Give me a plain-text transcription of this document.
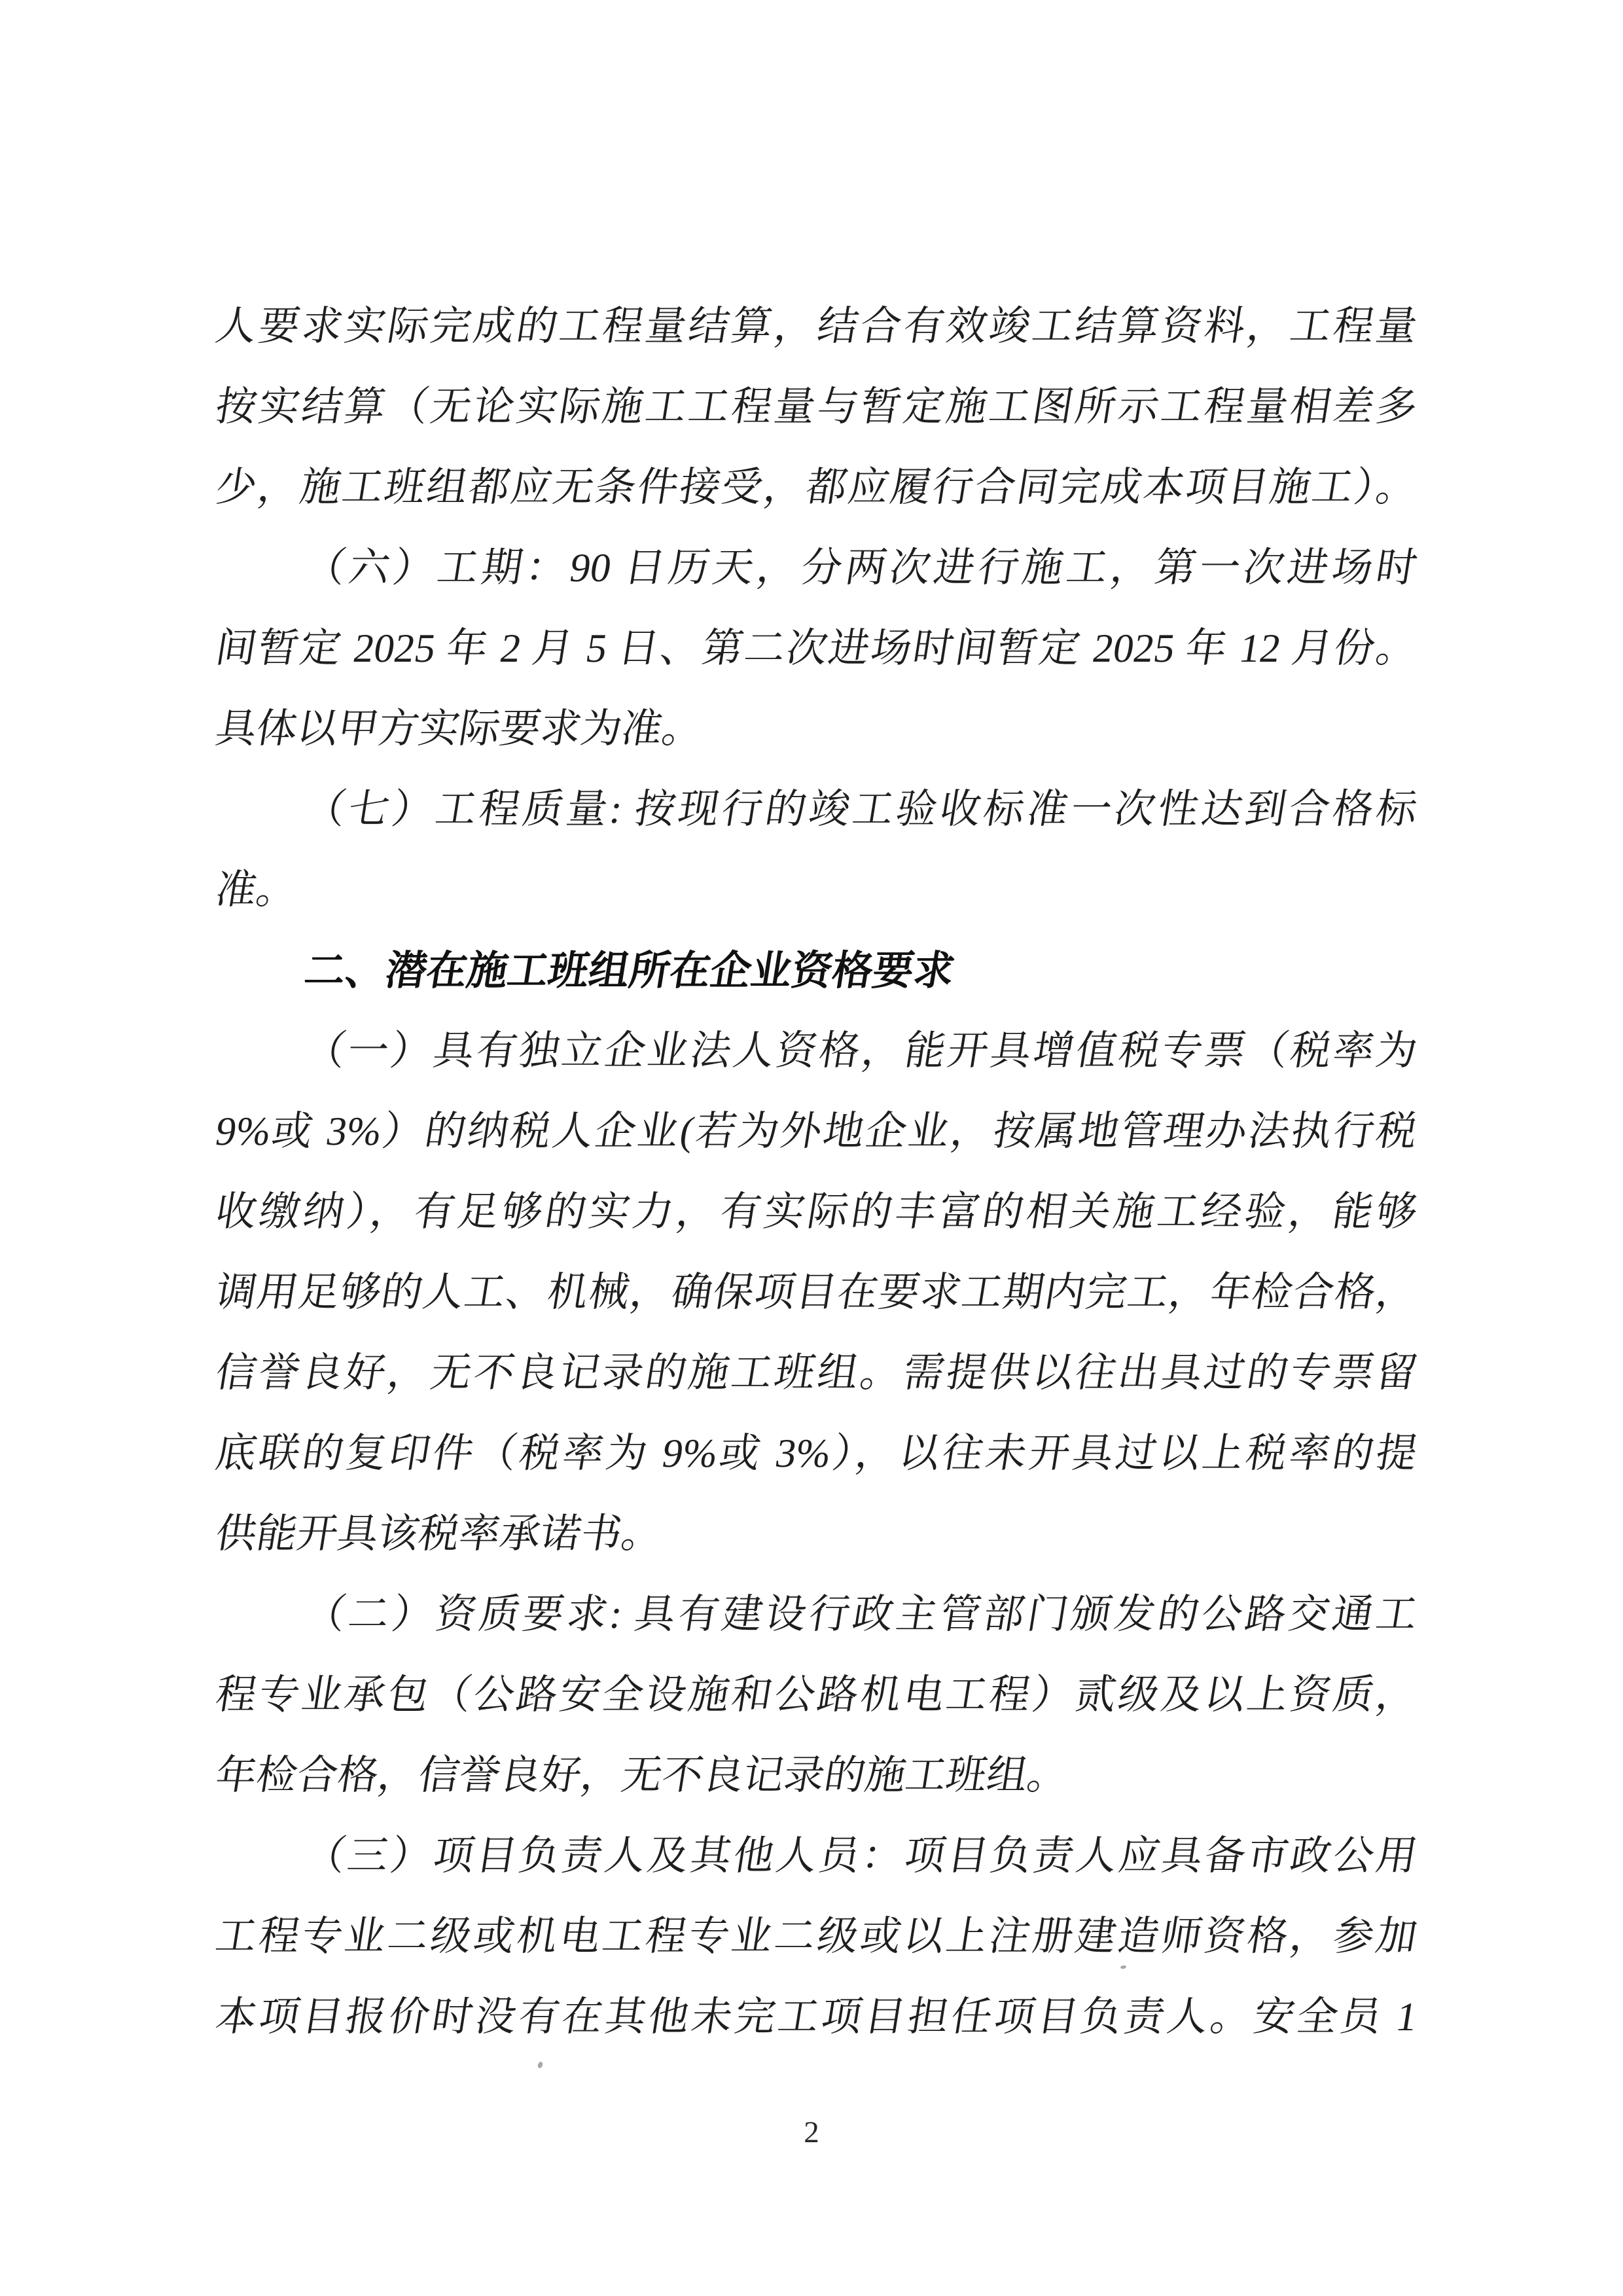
人要求实际完成的工程量结算，结合有效竣工结算资料，工程量
按实结算（无论实际施工工程量与暂定施工图所示工程量相差多
少，施工班组都应无条件接受，都应履行合同完成本项目施工）。
（六）工期：90 日历天，分两次进行施工，第一次进场时
间暂定 2025 年 2 月 5 日、第二次进场时间暂定 2025 年 12 月份。
具体以甲方实际要求为准。
（七）工程质量: 按现行的竣工验收标准一次性达到合格标
准。
二、潜在施工班组所在企业资格要求
（一）具有独立企业法人资格，能开具增值税专票（税率为
9%或 3%）的纳税人企业(若为外地企业，按属地管理办法执行税
收缴纳），有足够的实力，有实际的丰富的相关施工经验，能够
调用足够的人工、机械，确保项目在要求工期内完工，年检合格，
信誉良好，无不良记录的施工班组。需提供以往出具过的专票留
底联的复印件（税率为 9%或 3%），以往未开具过以上税率的提
供能开具该税率承诺书。
（二）资质要求: 具有建设行政主管部门颁发的公路交通工
程专业承包（公路安全设施和公路机电工程）贰级及以上资质，
年检合格，信誉良好，无不良记录的施工班组。
（三）项目负责人及其他人员：项目负责人应具备市政公用
工程专业二级或机电工程专业二级或以上注册建造师资格，参加
本项目报价时没有在其他未完工项目担任项目负责人。安全员 1
2
